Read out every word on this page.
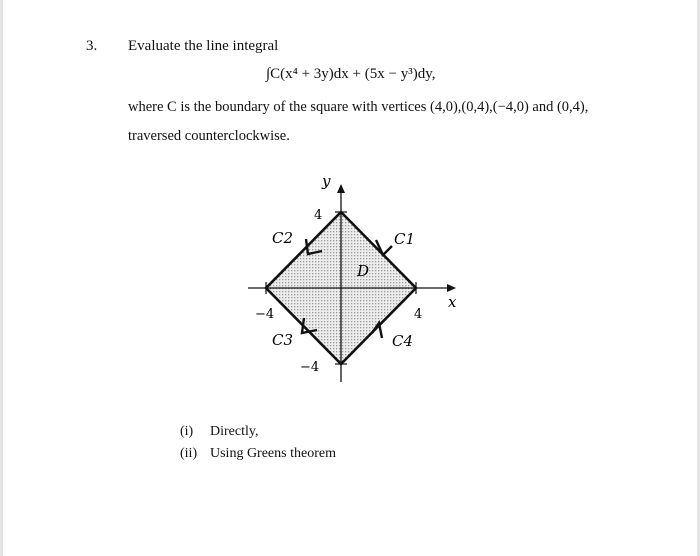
3. Evaluate the line integral
∫C(x⁴ + 3y)dx + (5x − y³)dy,
where C is the boundary of the square with vertices (4,0),(0,4),(−4,0) and (0,4),
traversed counterclockwise.
y
x
D
4
−4
4
−4
C1
C2
C3	C4
(i) Directly,
(ii) Using Greens theorem
